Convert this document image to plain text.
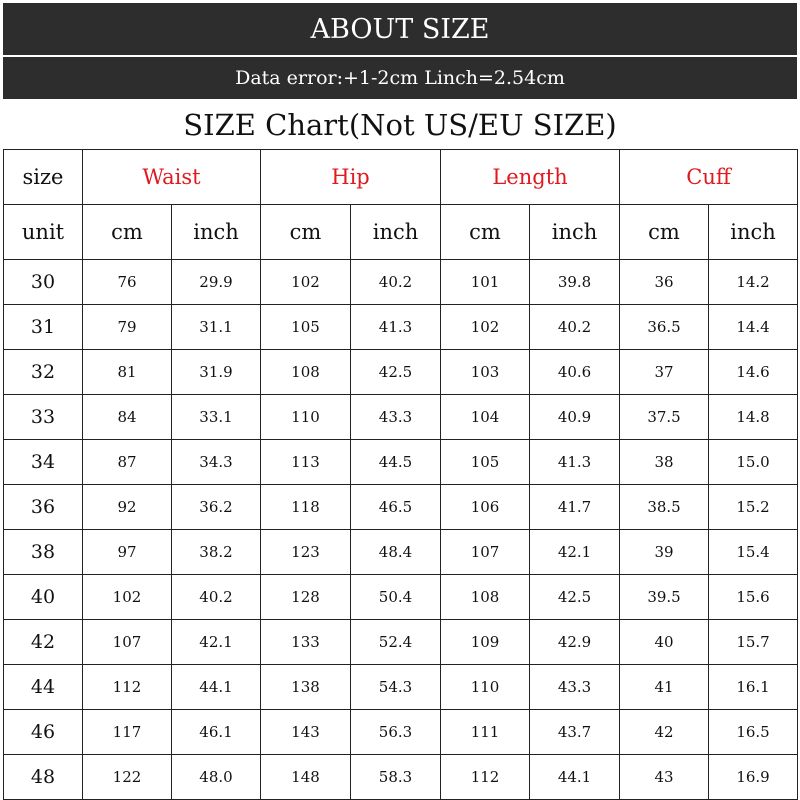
ABOUT SIZE
Data error:+1-2cm Linch=2.54cm
SIZE Chart(Not US/EU SIZE)
size	Waist		Hip		Length		Cuff	
unit	cm	inch	cm	inch	cm	inch	cm	inch
30	76	29.9	102	40.2	101	39.8	36	14.2
31	79	31.1	105	41.3	102	40.2	36.5	14.4
32	81	31.9	108	42.5	103	40.6	37	14.6
33	84	33.1	110	43.3	104	40.9	37.5	14.8
34	87	34.3	113	44.5	105	41.3	38	15.0
36	92	36.2	118	46.5	106	41.7	38.5	15.2
38	97	38.2	123	48.4	107	42.1	39	15.4
40	102	40.2	128	50.4	108	42.5	39.5	15.6
42	107	42.1	133	52.4	109	42.9	40	15.7
44	112	44.1	138	54.3	110	43.3	41	16.1
46	117	46.1	143	56.3	111	43.7	42	16.5
48	122	48.0	148	58.3	112	44.1	43	16.9
